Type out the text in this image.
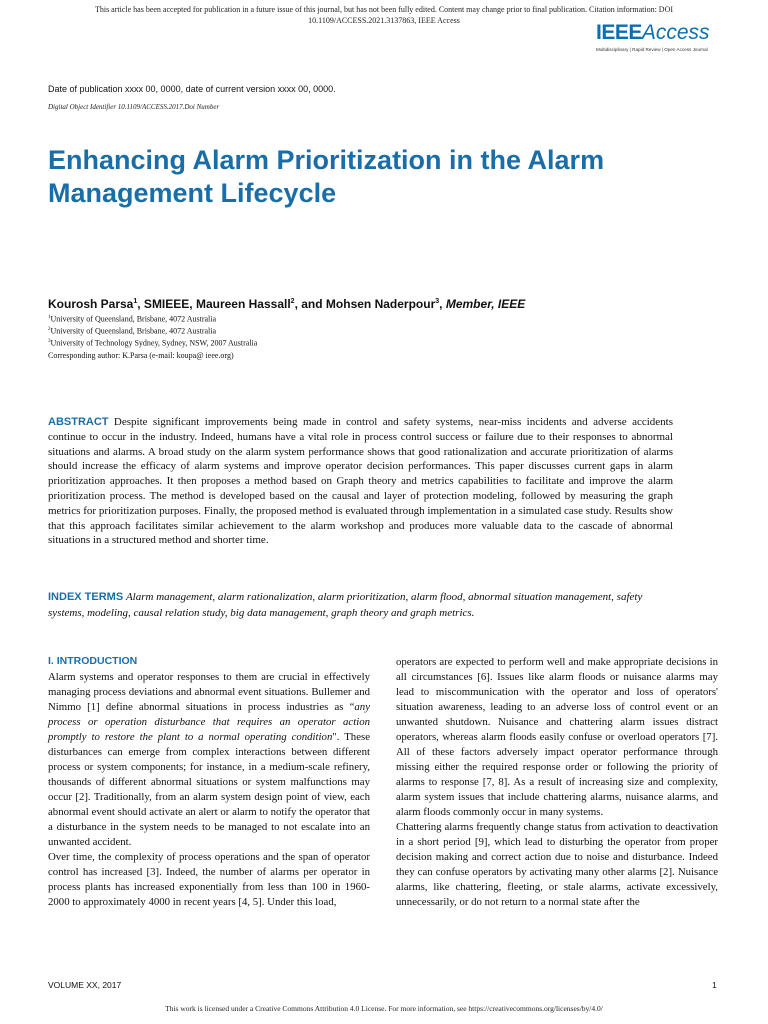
This article has been accepted for publication in a future issue of this journal, but has not been fully edited. Content may change prior to final publication. Citation information: DOI
10.1109/ACCESS.2021.3137863, IEEE Access
IEEEAccess
Multidisciplinary | Rapid Review | Open Access Journal
Date of publication xxxx 00, 0000, date of current version xxxx 00, 0000.
Digital Object Identifier 10.1109/ACCESS.2017.Doi Number
Enhancing Alarm Prioritization in the Alarm Management Lifecycle
Kourosh Parsa$^1$, SMIEEE, Maureen Hassall$^2$, and Mohsen Naderpour$^3$, Member, IEEE
$^1$University of Queensland, Brisbane, 4072 Australia
$^2$University of Queensland, Brisbane, 4072 Australia
$^3$University of Technology Sydney, Sydney, NSW, 2007 Australia
Corresponding author: K.Parsa (e-mail: koupa@ ieee.org)

ABSTRACT Despite significant improvements being made in control and safety systems, near-miss incidents and adverse accidents continue to occur in the industry. Indeed, humans have a vital role in process control success or failure due to their responses to abnormal situations and alarms. A broad study on the alarm system performance shows that good rationalization and accurate prioritization of alarms should increase the efficacy of alarm systems and improve operator decision performances. This paper discusses current gaps in alarm prioritization approaches. It then proposes a method based on Graph theory and metrics capabilities to facilitate and improve the alarm prioritization process. The method is developed based on the causal and layer of protection modeling, followed by measuring the graph metrics for prioritization purposes. Finally, the proposed method is evaluated through implementation in a simulated case study. Results show that this approach facilitates similar achievement to the alarm workshop and produces more valuable data to the cascade of abnormal situations in a structured method and shorter time.

INDEX TERMS Alarm management, alarm rationalization, alarm prioritization, alarm flood, abnormal situation management, safety systems, modeling, causal relation study, big data management, graph theory and graph metrics.

I. INTRODUCTION

Alarm systems and operator responses to them are crucial in effectively managing process deviations and abnormal event situations. Bullemer and Nimmo [1] define abnormal situations in process industries as “any process or operation disturbance that requires an operator action promptly to restore the plant to a normal operating condition". These disturbances can emerge from complex interactions between different process or system components; for instance, in a medium-scale refinery, thousands of different abnormal situations or system malfunctions may occur [2]. Traditionally, from an alarm system design point of view, each abnormal event should activate an alert or alarm to notify the operator that a disturbance in the system needs to be managed to not escalate into an unwanted accident.

Over time, the complexity of process operations and the span of operator control has increased [3]. Indeed, the number of alarms per operator in process plants has increased exponentially from less than 100 in 1960-2000 to approximately 4000 in recent years [4, 5]. Under this load,

operators are expected to perform well and make appropriate decisions in all circumstances [6]. Issues like alarm floods or nuisance alarms may lead to miscommunication with the operator and loss of operators' situation awareness, leading to an adverse loss of control event or an unwanted shutdown. Nuisance and chattering alarm issues distract operators, whereas alarm floods easily confuse or overload operators [7]. All of these factors adversely impact operator performance through missing either the required response order or following the priority of alarms to response [7, 8]. As a result of increasing size and complexity, alarm system issues that include chattering alarms, nuisance alarms, and alarm floods commonly occur in many systems.

Chattering alarms frequently change status from activation to deactivation in a short period [9], which lead to disturbing the operator from proper decision making and correct action due to noise and disturbance. Indeed they can confuse operators by activating many other alarms [2]. Nuisance alarms, like chattering, fleeting, or stale alarms, activate excessively, unnecessarily, or do not return to a normal state after the

VOLUME XX, 2017	1
This work is licensed under a Creative Commons Attribution 4.0 License. For more information, see https://creativecommons.org/licenses/by/4.0/
